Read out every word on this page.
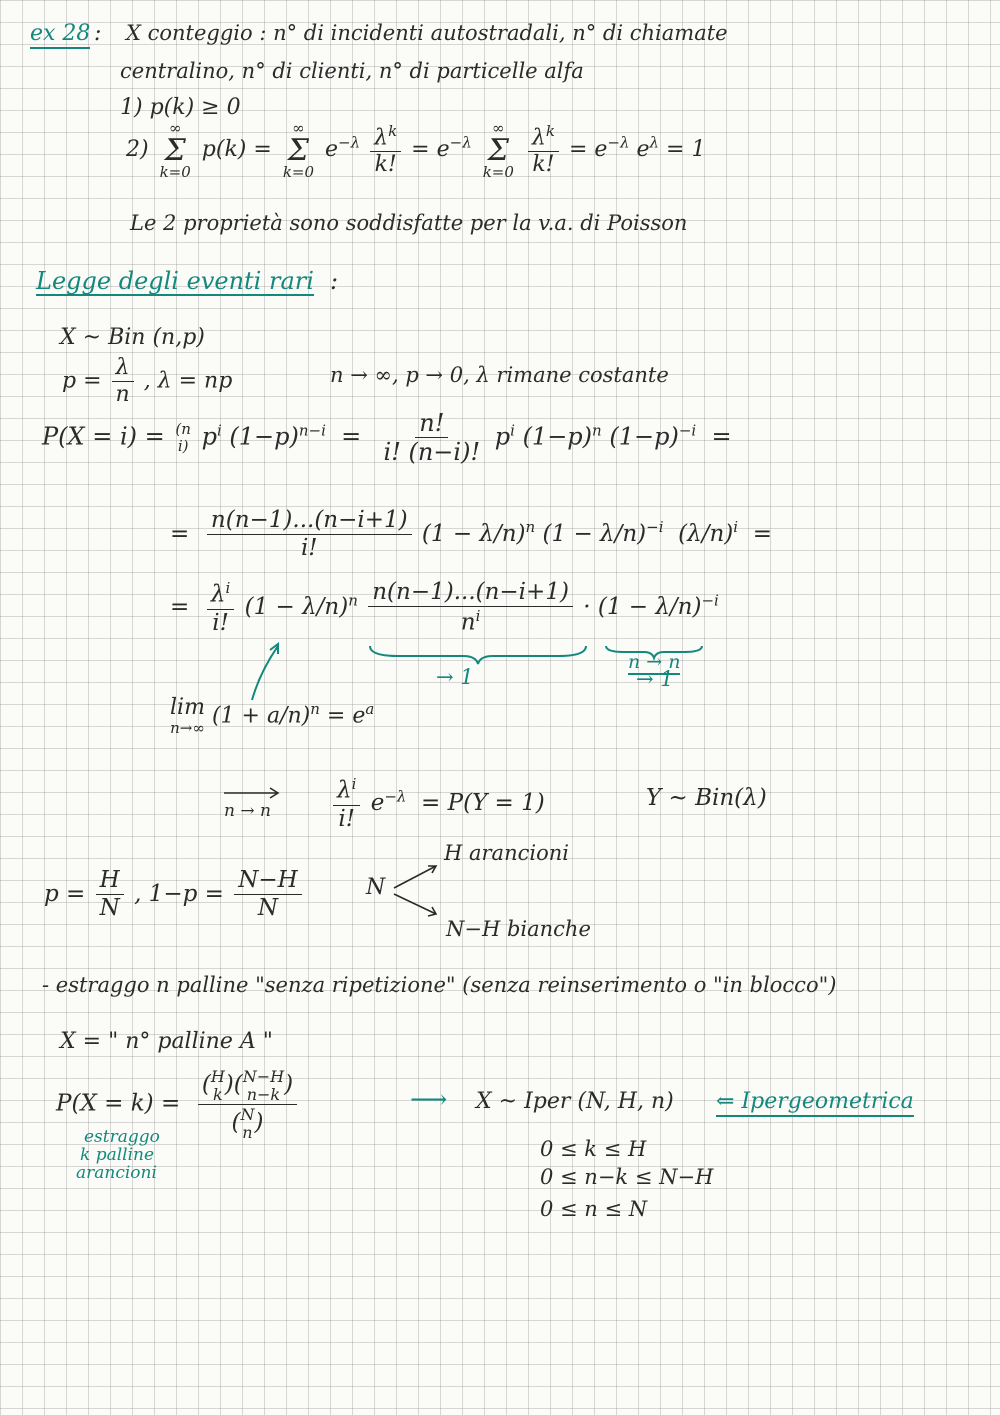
ex 28 : X conteggio : n° di incidenti autostradali, n° di chiamate
centralino, n° di clienti, n° di particelle alfa
1) p(k) ≥ 0
2)
∞
Σ
k=0
p(k) =
∞
Σ
k=0
$e^{-\lambda} \frac{\lambda^k}{k!} = e^{-\lambda}$
∞
Σ
k=0
$\frac{\lambda^k}{k!} = e^{-\lambda}$ $e^\lambda = 1$
Le 2 proprietà sono soddisfatte per la v.a. di Poisson
Legge degli eventi rari :
X ~ Bin (n,p)
$p = \frac{\lambda}{n}$ , λ = np	n → ∞, p → 0, λ rimane costante
P(X = i) = (n
i) $p^i$ $(1-p)^{n-i} = \frac{n!}{i! (n-i)!} p^i$ $(1-p)^n$ $(1-p)^{-i}$ =
= $\frac{n(n-1)...(n-i+1)}{i!} (1 - \lambda/n)^n$ $(1 - \lambda/n)^{-i}$ $(\lambda/n)^i$ =
= $\frac{\lambda^i}{i!} (1 - \lambda/n)^n \frac{n(n-1)...(n-i+1)}{n^i} \cdot (1 - \lambda/n)^{-i}$
→ 1
n → n
→ 1
lim
n→∞ $(1 + a/n)^n = e^a$
n → n	$\frac{\lambda^i}{i!} e^{-\lambda} = P(Y = 1)$	Y ~ Bin(λ)
$p = \frac{H}{N}$ , $1-p = \frac{N-H}{N}$	N
H arancioni
N−H bianche
- estraggo n palline "senza ripetizione" (senza reinserimento o "in blocco")
X = " n° palline A "
P(X = k) = ( H
k )( N−H
n−k )
( N
n )	⟶ X ~ Iper (N, H, n) ⇐ Ipergeometrica
estraggo
k palline
arancioni
0 ≤ k ≤ H
0 ≤ n−k ≤ N−H
0 ≤ n ≤ N
